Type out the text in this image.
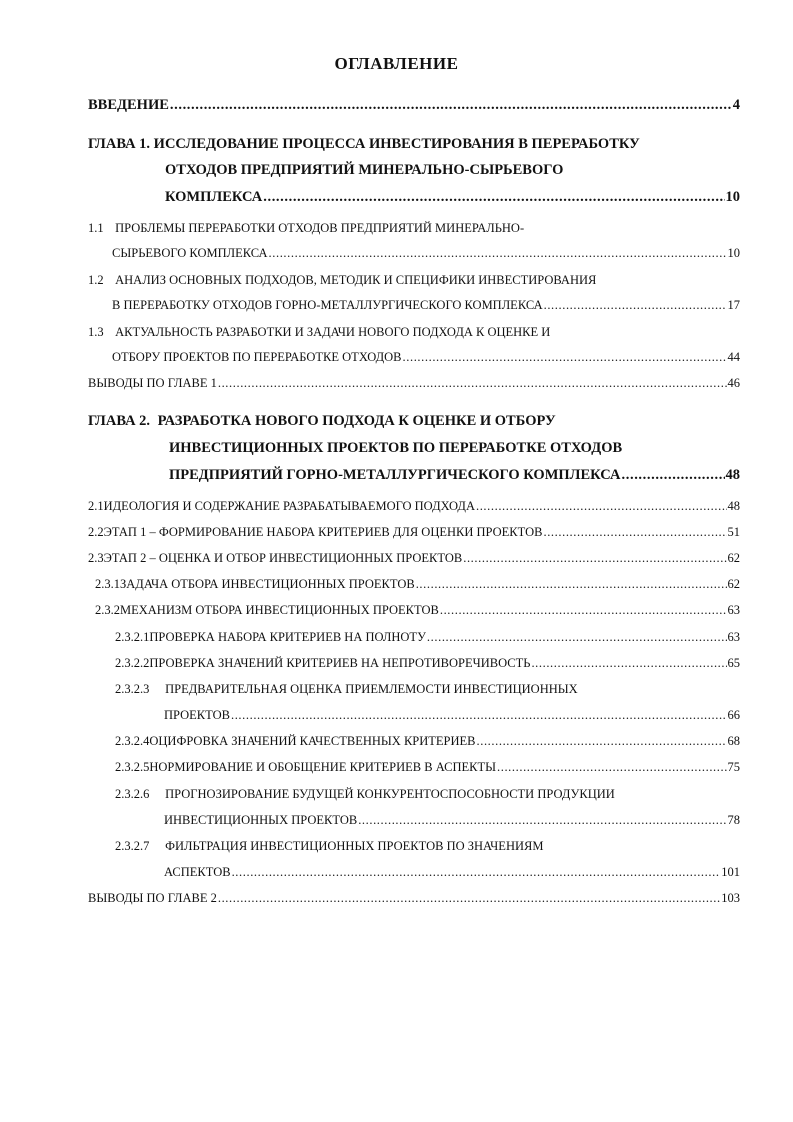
ОГЛАВЛЕНИЕ
ВВЕДЕНИЕ .....	4
ГЛАВА 1. ИССЛЕДОВАНИЕ ПРОЦЕССА ИНВЕСТИРОВАНИЯ В ПЕРЕРАБОТКУ
ОТХОДОВ ПРЕДПРИЯТИЙ МИНЕРАЛЬНО-СЫРЬЕВОГО
КОМПЛЕКСА .....	10
1.1 ПРОБЛЕМЫ ПЕРЕРАБОТКИ ОТХОДОВ ПРЕДПРИЯТИЙ МИНЕРАЛЬНО-
СЫРЬЕВОГО КОМПЛЕКСА .....	10
1.2 АНАЛИЗ ОСНОВНЫХ ПОДХОДОВ, МЕТОДИК И СПЕЦИФИКИ ИНВЕСТИРОВАНИЯ
В ПЕРЕРАБОТКУ ОТХОДОВ ГОРНО-МЕТАЛЛУРГИЧЕСКОГО КОМПЛЕКСА .....	17
1.3 АКТУАЛЬНОСТЬ РАЗРАБОТКИ И ЗАДАЧИ НОВОГО ПОДХОДА К ОЦЕНКЕ И
ОТБОРУ ПРОЕКТОВ ПО ПЕРЕРАБОТКЕ ОТХОДОВ .....	44
ВЫВОДЫ ПО ГЛАВЕ 1 .....	46
ГЛАВА 2. РАЗРАБОТКА НОВОГО ПОДХОДА К ОЦЕНКЕ И ОТБОРУ
ИНВЕСТИЦИОННЫХ ПРОЕКТОВ ПО ПЕРЕРАБОТКЕ ОТХОДОВ
ПРЕДПРИЯТИЙ ГОРНО-МЕТАЛЛУРГИЧЕСКОГО КОМПЛЕКСА .....	48
2.1 ИДЕОЛОГИЯ И СОДЕРЖАНИЕ РАЗРАБАТЫВАЕМОГО ПОДХОДА .....	48
2.2 ЭТАП 1 – ФОРМИРОВАНИЕ НАБОРА КРИТЕРИЕВ ДЛЯ ОЦЕНКИ ПРОЕКТОВ .....	51
2.3 ЭТАП 2 – ОЦЕНКА И ОТБОР ИНВЕСТИЦИОННЫХ ПРОЕКТОВ .....	62
2.3.1 ЗАДАЧА ОТБОРА ИНВЕСТИЦИОННЫХ ПРОЕКТОВ .....	62
2.3.2 МЕХАНИЗМ ОТБОРА ИНВЕСТИЦИОННЫХ ПРОЕКТОВ .....	63
2.3.2.1 ПРОВЕРКА НАБОРА КРИТЕРИЕВ НА ПОЛНОТУ .....	63
2.3.2.2 ПРОВЕРКА ЗНАЧЕНИЙ КРИТЕРИЕВ НА НЕПРОТИВОРЕЧИВОСТЬ .....	65
2.3.2.3 ПРЕДВАРИТЕЛЬНАЯ ОЦЕНКА ПРИЕМЛЕМОСТИ ИНВЕСТИЦИОННЫХ
ПРОЕКТОВ .....	66
2.3.2.4 ОЦИФРОВКА ЗНАЧЕНИЙ КАЧЕСТВЕННЫХ КРИТЕРИЕВ .....	68
2.3.2.5 НОРМИРОВАНИЕ И ОБОБЩЕНИЕ КРИТЕРИЕВ В АСПЕКТЫ .....	75
2.3.2.6 ПРОГНОЗИРОВАНИЕ БУДУЩЕЙ КОНКУРЕНТОСПОСОБНОСТИ ПРОДУКЦИИ
ИНВЕСТИЦИОННЫХ ПРОЕКТОВ .....	78
2.3.2.7 ФИЛЬТРАЦИЯ ИНВЕСТИЦИОННЫХ ПРОЕКТОВ ПО ЗНАЧЕНИЯМ
АСПЕКТОВ .....	101
ВЫВОДЫ ПО ГЛАВЕ 2 .....	103
